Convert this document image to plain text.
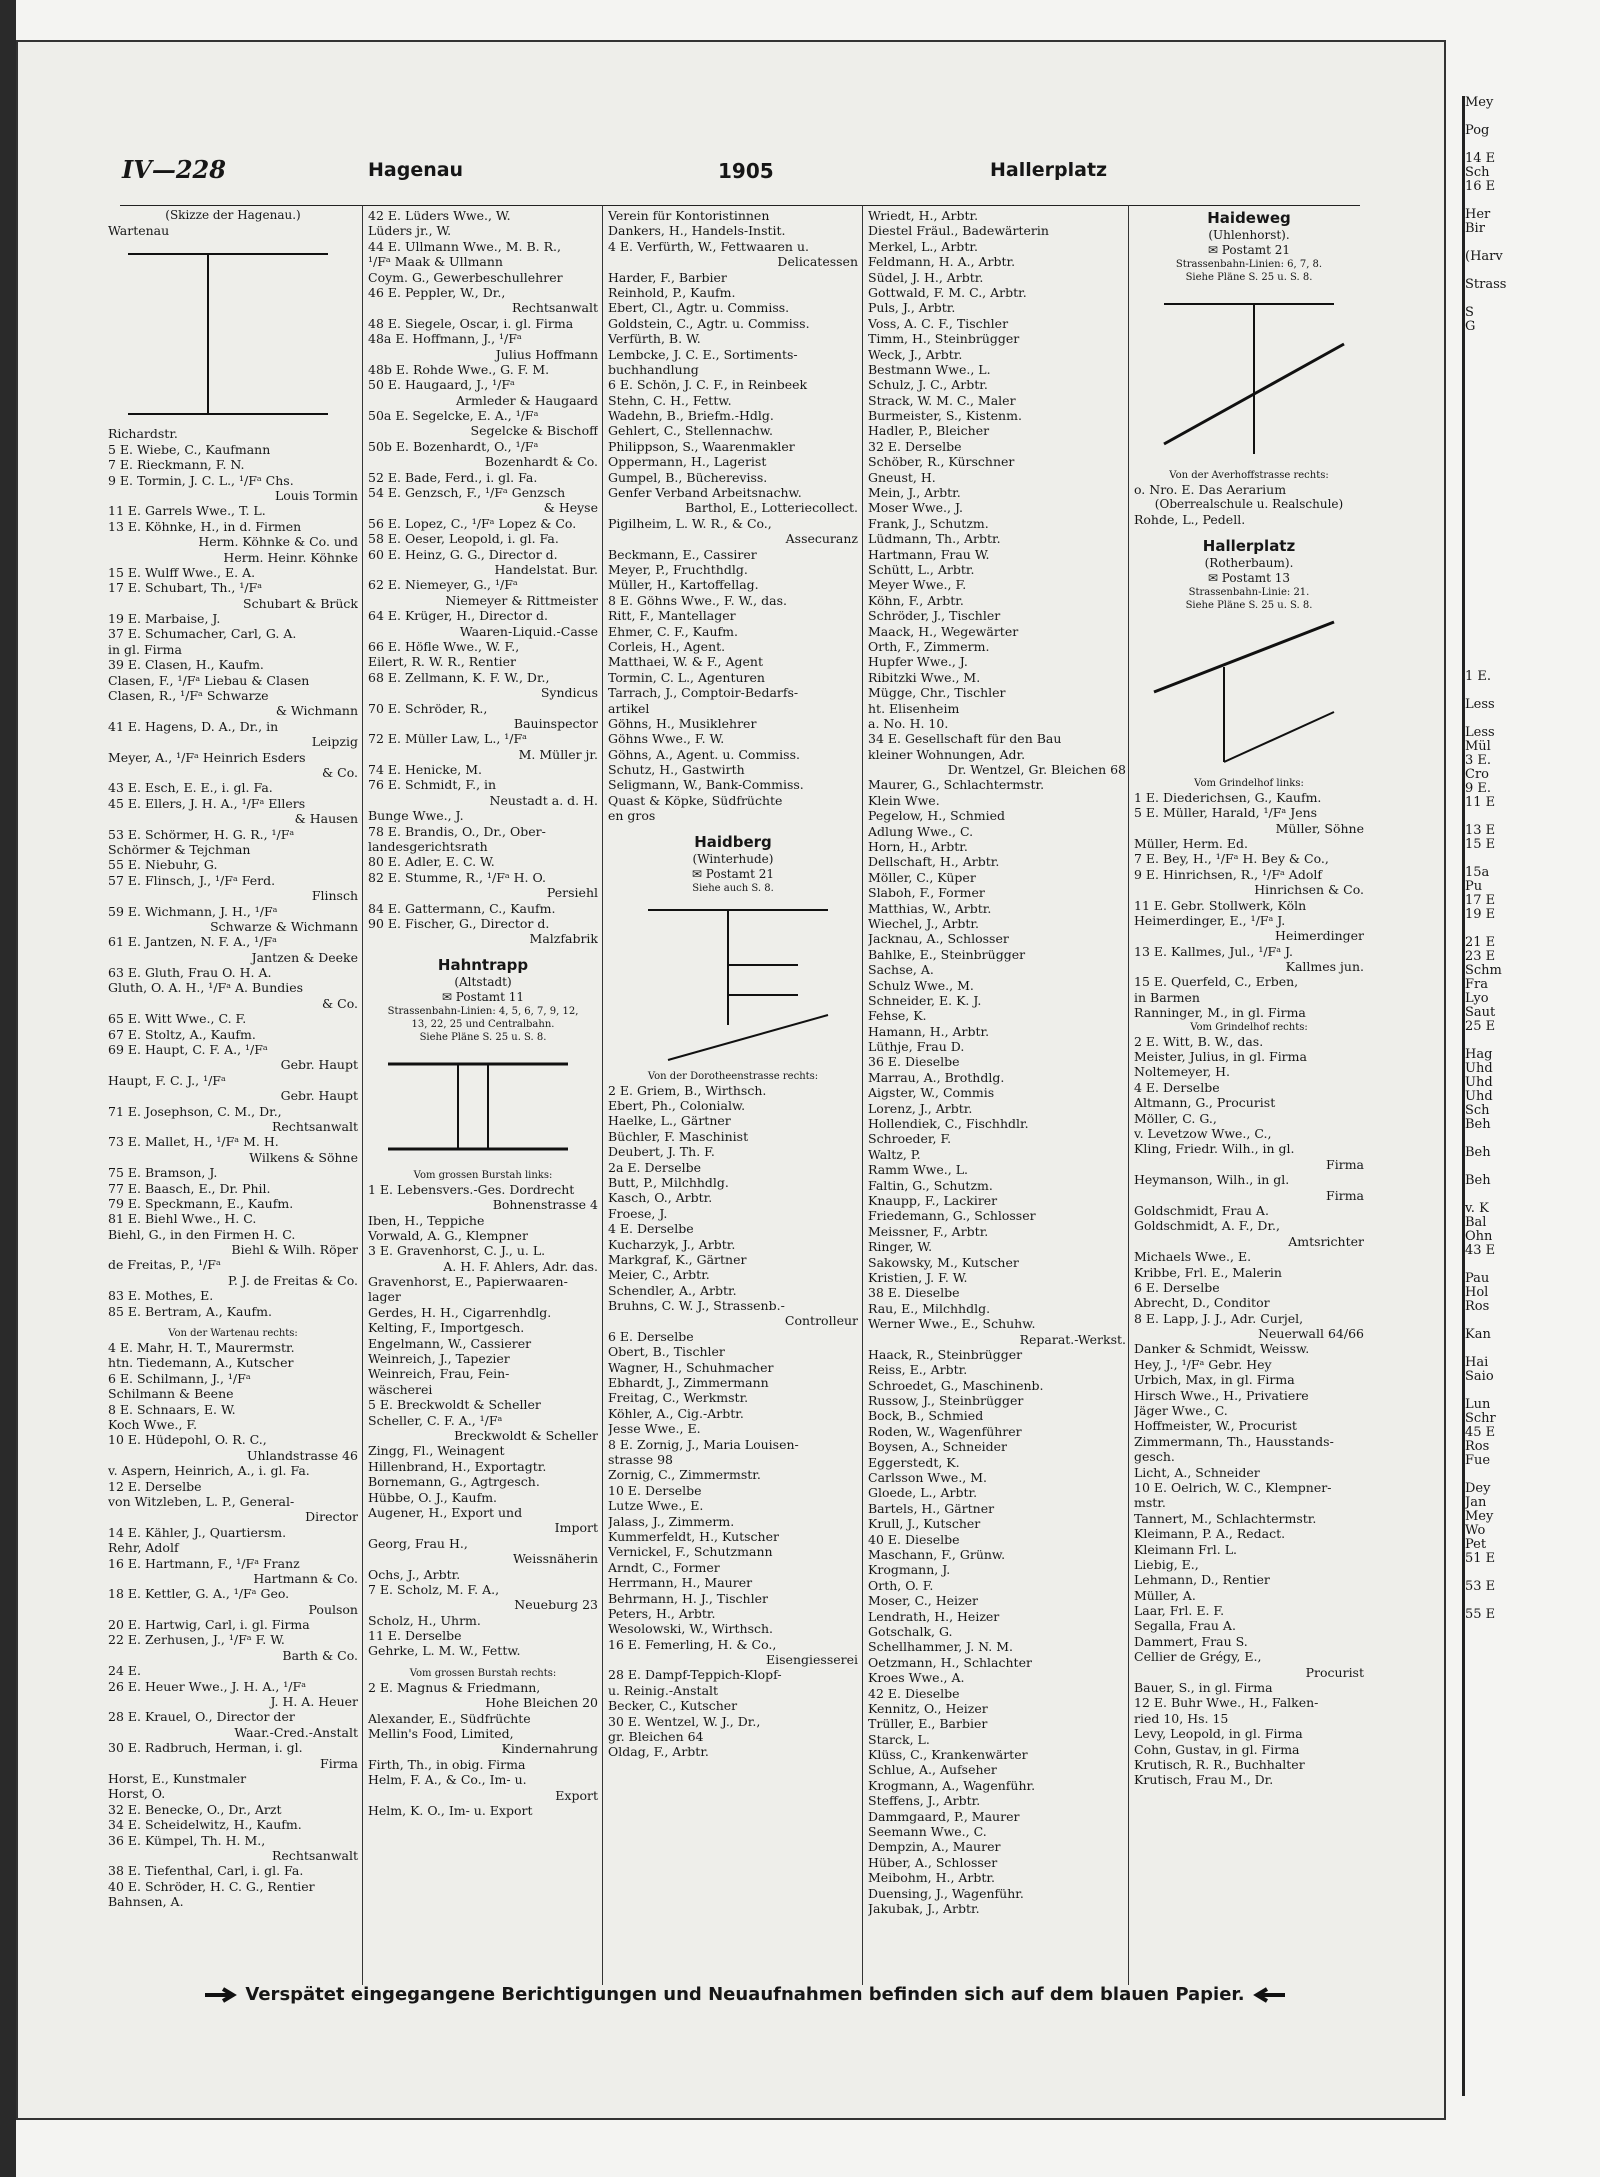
IV—228	Hagenau	1905	Hallerplatz
(Skizze der Hagenau.)
Wartenau
Richardstr.
5 E. Wiebe, C., Kaufmann
7 E. Rieckmann, F. N.
9 E. Tormin, J. C. L., ¹/Fᵃ Chs.
Louis Tormin
11 E. Garrels Wwe., T. L.
13 E. Köhnke, H., in d. Firmen
Herm. Köhnke & Co. und
Herm. Heinr. Köhnke
15 E. Wulff Wwe., E. A.
17 E. Schubart, Th., ¹/Fᵃ
Schubart & Brück
19 E. Marbaise, J.
37 E. Schumacher, Carl, G. A.
in gl. Firma
39 E. Clasen, H., Kaufm.
Clasen, F., ¹/Fᵃ Liebau & Clasen
Clasen, R., ¹/Fᵃ Schwarze
& Wichmann
41 E. Hagens, D. A., Dr., in
Leipzig
Meyer, A., ¹/Fᵃ Heinrich Esders
& Co.
43 E. Esch, E. E., i. gl. Fa.
45 E. Ellers, J. H. A., ¹/Fᵃ Ellers
& Hausen
53 E. Schörmer, H. G. R., ¹/Fᵃ
Schörmer & Tejchman
55 E. Niebuhr, G.
57 E. Flinsch, J., ¹/Fᵃ Ferd.
Flinsch
59 E. Wichmann, J. H., ¹/Fᵃ
Schwarze & Wichmann
61 E. Jantzen, N. F. A., ¹/Fᵃ
Jantzen & Deeke
63 E. Gluth, Frau O. H. A.
Gluth, O. A. H., ¹/Fᵃ A. Bundies
& Co.
65 E. Witt Wwe., C. F.
67 E. Stoltz, A., Kaufm.
69 E. Haupt, C. F. A., ¹/Fᵃ
Gebr. Haupt
Haupt, F. C. J., ¹/Fᵃ
Gebr. Haupt
71 E. Josephson, C. M., Dr.,
Rechtsanwalt
73 E. Mallet, H., ¹/Fᵃ M. H.
Wilkens & Söhne
75 E. Bramson, J.
77 E. Baasch, E., Dr. Phil.
79 E. Speckmann, E., Kaufm.
81 E. Biehl Wwe., H. C.
Biehl, G., in den Firmen H. C.
Biehl & Wilh. Röper
de Freitas, P., ¹/Fᵃ
P. J. de Freitas & Co.
83 E. Mothes, E.
85 E. Bertram, A., Kaufm.
Von der Wartenau rechts:
4 E. Mahr, H. T., Maurermstr.
htn. Tiedemann, A., Kutscher
6 E. Schilmann, J., ¹/Fᵃ
Schilmann & Beene
8 E. Schnaars, E. W.
Koch Wwe., F.
10 E. Hüdepohl, O. R. C.,
Uhlandstrasse 46
v. Aspern, Heinrich, A., i. gl. Fa.
12 E. Derselbe
von Witzleben, L. P., General-
Director
14 E. Kähler, J., Quartiersm.
Rehr, Adolf
16 E. Hartmann, F., ¹/Fᵃ Franz
Hartmann & Co.
18 E. Kettler, G. A., ¹/Fᵃ Geo.
Poulson
20 E. Hartwig, Carl, i. gl. Firma
22 E. Zerhusen, J., ¹/Fᵃ F. W.
Barth & Co.
24 E.
26 E. Heuer Wwe., J. H. A., ¹/Fᵃ
J. H. A. Heuer
28 E. Krauel, O., Director der
Waar.-Cred.-Anstalt
30 E. Radbruch, Herman, i. gl.
Firma
Horst, E., Kunstmaler
Horst, O.
32 E. Benecke, O., Dr., Arzt
34 E. Scheidelwitz, H., Kaufm.
36 E. Kümpel, Th. H. M.,
Rechtsanwalt
38 E. Tiefenthal, Carl, i. gl. Fa.
40 E. Schröder, H. C. G., Rentier
Bahnsen, A.
42 E. Lüders Wwe., W.
Lüders jr., W.
44 E. Ullmann Wwe., M. B. R.,
¹/Fᵃ Maak & Ullmann
Coym. G., Gewerbeschullehrer
46 E. Peppler, W., Dr.,
Rechtsanwalt
48 E. Siegele, Oscar, i. gl. Firma
48a E. Hoffmann, J., ¹/Fᵃ
Julius Hoffmann
48b E. Rohde Wwe., G. F. M.
50 E. Haugaard, J., ¹/Fᵃ
Armleder & Haugaard
50a E. Segelcke, E. A., ¹/Fᵃ
Segelcke & Bischoff
50b E. Bozenhardt, O., ¹/Fᵃ
Bozenhardt & Co.
52 E. Bade, Ferd., i. gl. Fa.
54 E. Genzsch, F., ¹/Fᵃ Genzsch
& Heyse
56 E. Lopez, C., ¹/Fᵃ Lopez & Co.
58 E. Oeser, Leopold, i. gl. Fa.
60 E. Heinz, G. G., Director d.
Handelstat. Bur.
62 E. Niemeyer, G., ¹/Fᵃ
Niemeyer & Rittmeister
64 E. Krüger, H., Director d.
Waaren-Liquid.-Casse
66 E. Höfle Wwe., W. F.,
Eilert, R. W. R., Rentier
68 E. Zellmann, K. F. W., Dr.,
Syndicus
70 E. Schröder, R.,
Bauinspector
72 E. Müller Law, L., ¹/Fᵃ
M. Müller jr.
74 E. Henicke, M.
76 E. Schmidt, F., in
Neustadt a. d. H.
Bunge Wwe., J.
78 E. Brandis, O., Dr., Ober-
landesgerichtsrath
80 E. Adler, E. C. W.
82 E. Stumme, R., ¹/Fᵃ H. O.
Persiehl
84 E. Gattermann, C., Kaufm.
90 E. Fischer, G., Director d.
Malzfabrik
Hahntrapp
(Altstadt)
✉ Postamt 11
Strassenbahn-Linien: 4, 5, 6, 7, 9, 12,
13, 22, 25 und Centralbahn.
Siehe Pläne S. 25 u. S. 8.
Vom grossen Burstah links:
1 E. Lebensvers.-Ges. Dordrecht
Bohnenstrasse 4
Iben, H., Teppiche
Vorwald, A. G., Klempner
3 E. Gravenhorst, C. J., u. L.
A. H. F. Ahlers, Adr. das.
Gravenhorst, E., Papierwaaren-
lager
Gerdes, H. H., Cigarrenhdlg.
Kelting, F., Importgesch.
Engelmann, W., Cassierer
Weinreich, J., Tapezier
Weinreich, Frau, Fein-
wäscherei
5 E. Breckwoldt & Scheller
Scheller, C. F. A., ¹/Fᵃ
Breckwoldt & Scheller
Zingg, Fl., Weinagent
Hillenbrand, H., Exportagtr.
Bornemann, G., Agtrgesch.
Hübbe, O. J., Kaufm.
Augener, H., Export und
Import
Georg, Frau H.,
Weissnäherin
Ochs, J., Arbtr.
7 E. Scholz, M. F. A.,
Neueburg 23
Scholz, H., Uhrm.
11 E. Derselbe
Gehrke, L. M. W., Fettw.
Vom grossen Burstah rechts:
2 E. Magnus & Friedmann,
Hohe Bleichen 20
Alexander, E., Südfrüchte
Mellin's Food, Limited,
Kindernahrung
Firth, Th., in obig. Firma
Helm, F. A., & Co., Im- u.
Export
Helm, K. O., Im- u. Export
Verein für Kontoristinnen
Dankers, H., Handels-Instit.
4 E. Verfürth, W., Fettwaaren u.
Delicatessen
Harder, F., Barbier
Reinhold, P., Kaufm.
Ebert, Cl., Agtr. u. Commiss.
Goldstein, C., Agtr. u. Commiss.
Verfürth, B. W.
Lembcke, J. C. E., Sortiments-
buchhandlung
6 E. Schön, J. C. F., in Reinbeek
Stehn, C. H., Fettw.
Wadehn, B., Briefm.-Hdlg.
Gehlert, C., Stellennachw.
Philippson, S., Waarenmakler
Oppermann, H., Lagerist
Gumpel, B., Büchereviss.
Genfer Verband Arbeitsnachw.
Barthol, E., Lotteriecollect.
Pigilheim, L. W. R., & Co.,
Assecuranz
Beckmann, E., Cassirer
Meyer, P., Fruchthdlg.
Müller, H., Kartoffellag.
8 E. Göhns Wwe., F. W., das.
Ritt, F., Mantellager
Ehmer, C. F., Kaufm.
Corleis, H., Agent.
Matthaei, W. & F., Agent
Tormin, C. L., Agenturen
Tarrach, J., Comptoir-Bedarfs-
artikel
Göhns, H., Musiklehrer
Göhns Wwe., F. W.
Göhns, A., Agent. u. Commiss.
Schutz, H., Gastwirth
Seligmann, W., Bank-Commiss.
Quast & Köpke, Südfrüchte
en gros
Haidberg
(Winterhude)
✉ Postamt 21
Siehe auch S. 8.
Von der Dorotheenstrasse rechts:
2 E. Griem, B., Wirthsch.
Ebert, Ph., Colonialw.
Haelke, L., Gärtner
Büchler, F. Maschinist
Deubert, J. Th. F.
2a E. Derselbe
Butt, P., Milchhdlg.
Kasch, O., Arbtr.
Froese, J.
4 E. Derselbe
Kucharzyk, J., Arbtr.
Markgraf, K., Gärtner
Meier, C., Arbtr.
Schendler, A., Arbtr.
Bruhns, C. W. J., Strassenb.-
Controlleur
6 E. Derselbe
Obert, B., Tischler
Wagner, H., Schuhmacher
Ebhardt, J., Zimmermann
Freitag, C., Werkmstr.
Köhler, A., Cig.-Arbtr.
Jesse Wwe., E.
8 E. Zornig, J., Maria Louisen-
strasse 98
Zornig, C., Zimmermstr.
10 E. Derselbe
Lutze Wwe., E.
Jalass, J., Zimmerm.
Kummerfeldt, H., Kutscher
Vernickel, F., Schutzmann
Arndt, C., Former
Herrmann, H., Maurer
Behrmann, H. J., Tischler
Peters, H., Arbtr.
Wesolowski, W., Wirthsch.
16 E. Femerling, H. & Co.,
Eisengiesserei
28 E. Dampf-Teppich-Klopf-
u. Reinig.-Anstalt
Becker, C., Kutscher
30 E. Wentzel, W. J., Dr.,
gr. Bleichen 64
Oldag, F., Arbtr.
Wriedt, H., Arbtr.
Diestel Fräul., Badewärterin
Merkel, L., Arbtr.
Feldmann, H. A., Arbtr.
Südel, J. H., Arbtr.
Gottwald, F. M. C., Arbtr.
Puls, J., Arbtr.
Voss, A. C. F., Tischler
Timm, H., Steinbrügger
Weck, J., Arbtr.
Bestmann Wwe., L.
Schulz, J. C., Arbtr.
Strack, W. M. C., Maler
Burmeister, S., Kistenm.
Hadler, P., Bleicher
32 E. Derselbe
Schöber, R., Kürschner
Gneust, H.
Mein, J., Arbtr.
Moser Wwe., J.
Frank, J., Schutzm.
Lüdmann, Th., Arbtr.
Hartmann, Frau W.
Schütt, L., Arbtr.
Meyer Wwe., F.
Köhn, F., Arbtr.
Schröder, J., Tischler
Maack, H., Wegewärter
Orth, F., Zimmerm.
Hupfer Wwe., J.
Ribitzki Wwe., M.
Mügge, Chr., Tischler
ht. Elisenheim
a. No. H. 10.
34 E. Gesellschaft für den Bau
kleiner Wohnungen, Adr.
Dr. Wentzel, Gr. Bleichen 68
Maurer, G., Schlachtermstr.
Klein Wwe.
Pegelow, H., Schmied
Adlung Wwe., C.
Horn, H., Arbtr.
Dellschaft, H., Arbtr.
Möller, C., Küper
Slaboh, F., Former
Matthias, W., Arbtr.
Wiechel, J., Arbtr.
Jacknau, A., Schlosser
Bahlke, E., Steinbrügger
Sachse, A.
Schulz Wwe., M.
Schneider, E. K. J.
Fehse, K.
Hamann, H., Arbtr.
Lüthje, Frau D.
36 E. Dieselbe
Marrau, A., Brothdlg.
Aigster, W., Commis
Lorenz, J., Arbtr.
Hollendiek, C., Fischhdlr.
Schroeder, F.
Waltz, P.
Ramm Wwe., L.
Faltin, G., Schutzm.
Knaupp, F., Lackirer
Friedemann, G., Schlosser
Meissner, F., Arbtr.
Ringer, W.
Sakowsky, M., Kutscher
Kristien, J. F. W.
38 E. Dieselbe
Rau, E., Milchhdlg.
Werner Wwe., E., Schuhw.
Reparat.-Werkst.
Haack, R., Steinbrügger
Reiss, E., Arbtr.
Schroedet, G., Maschinenb.
Russow, J., Steinbrügger
Bock, B., Schmied
Roden, W., Wagenführer
Boysen, A., Schneider
Eggerstedt, K.
Carlsson Wwe., M.
Gloede, L., Arbtr.
Bartels, H., Gärtner
Krull, J., Kutscher
40 E. Dieselbe
Maschann, F., Grünw.
Krogmann, J.
Orth, O. F.
Moser, C., Heizer
Lendrath, H., Heizer
Gotschalk, G.
Schellhammer, J. N. M.
Oetzmann, H., Schlachter
Kroes Wwe., A.
42 E. Dieselbe
Kennitz, O., Heizer
Trüller, E., Barbier
Starck, L.
Klüss, C., Krankenwärter
Schlue, A., Aufseher
Krogmann, A., Wagenführ.
Steffens, J., Arbtr.
Dammgaard, P., Maurer
Seemann Wwe., C.
Dempzin, A., Maurer
Hüber, A., Schlosser
Meibohm, H., Arbtr.
Duensing, J., Wagenführ.
Jakubak, J., Arbtr.
Haideweg
(Uhlenhorst).
✉ Postamt 21
Strassenbahn-Linien: 6, 7, 8.
Siehe Pläne S. 25 u. S. 8.
Von der Averhoffstrasse rechts:
o. Nro. E. Das Aerarium
(Oberrealschule u. Realschule)
Rohde, L., Pedell.
Hallerplatz
(Rotherbaum).
✉ Postamt 13
Strassenbahn-Linie: 21.
Siehe Pläne S. 25 u. S. 8.
Vom Grindelhof links:
1 E. Diederichsen, G., Kaufm.
5 E. Müller, Harald, ¹/Fᵃ Jens
Müller, Söhne
Müller, Herm. Ed.
7 E. Bey, H., ¹/Fᵃ H. Bey & Co.,
9 E. Hinrichsen, R., ¹/Fᵃ Adolf
Hinrichsen & Co.
11 E. Gebr. Stollwerk, Köln
Heimerdinger, E., ¹/Fᵃ J.
Heimerdinger
13 E. Kallmes, Jul., ¹/Fᵃ J.
Kallmes jun.
15 E. Querfeld, C., Erben,
in Barmen
Ranninger, M., in gl. Firma
Vom Grindelhof rechts:
2 E. Witt, B. W., das.
Meister, Julius, in gl. Firma
Noltemeyer, H.
4 E. Derselbe
Altmann, G., Procurist
Möller, C. G.,
v. Levetzow Wwe., C.,
Kling, Friedr. Wilh., in gl.
Firma
Heymanson, Wilh., in gl.
Firma
Goldschmidt, Frau A.
Goldschmidt, A. F., Dr.,
Amtsrichter
Michaels Wwe., E.
Kribbe, Frl. E., Malerin
6 E. Derselbe
Abrecht, D., Conditor
8 E. Lapp, J. J., Adr. Curjel,
Neuerwall 64/66
Danker & Schmidt, Weissw.
Hey, J., ¹/Fᵃ Gebr. Hey
Urbich, Max, in gl. Firma
Hirsch Wwe., H., Privatiere
Jäger Wwe., C.
Hoffmeister, W., Procurist
Zimmermann, Th., Hausstands-
gesch.
Licht, A., Schneider
10 E. Oelrich, W. C., Klempner-
mstr.
Tannert, M., Schlachtermstr.
Kleimann, P. A., Redact.
Kleimann Frl. L.
Liebig, E.,
Lehmann, D., Rentier
Müller, A.
Laar, Frl. E. F.
Segalla, Frau A.
Dammert, Frau S.
Cellier de Grégy, E.,
Procurist
Bauer, S., in gl. Firma
12 E. Buhr Wwe., H., Falken-
ried 10, Hs. 15
Levy, Leopold, in gl. Firma
Cohn, Gustav, in gl. Firma
Krutisch, R. R., Buchhalter
Krutisch, Frau M., Dr.
Mey
Pog
14 E
Sch
16 E
Her
Bir
(Harv
Strass
S
G
1 E.
Less
Less
Mül
3 E.
Cro
9 E.
11 E
13 E
15 E
15a
Pu
17 E
19 E
21 E
23 E
Schm
Fra
Lyo
Saut
25 E
Hag
Uhd
Uhd
Uhd
Sch
Beh
Beh
Beh
v. K
Bal
Ohn
43 E
Pau
Hol
Ros
Kan
Hai
Saio
Lun
Schr
45 E
Ros
Fue
Dey
Jan
Mey
Wo
Pet
51 E
53 E
55 E
Verspätet eingegangene Berichtigungen und Neuaufnahmen befinden sich auf dem blauen Papier.
